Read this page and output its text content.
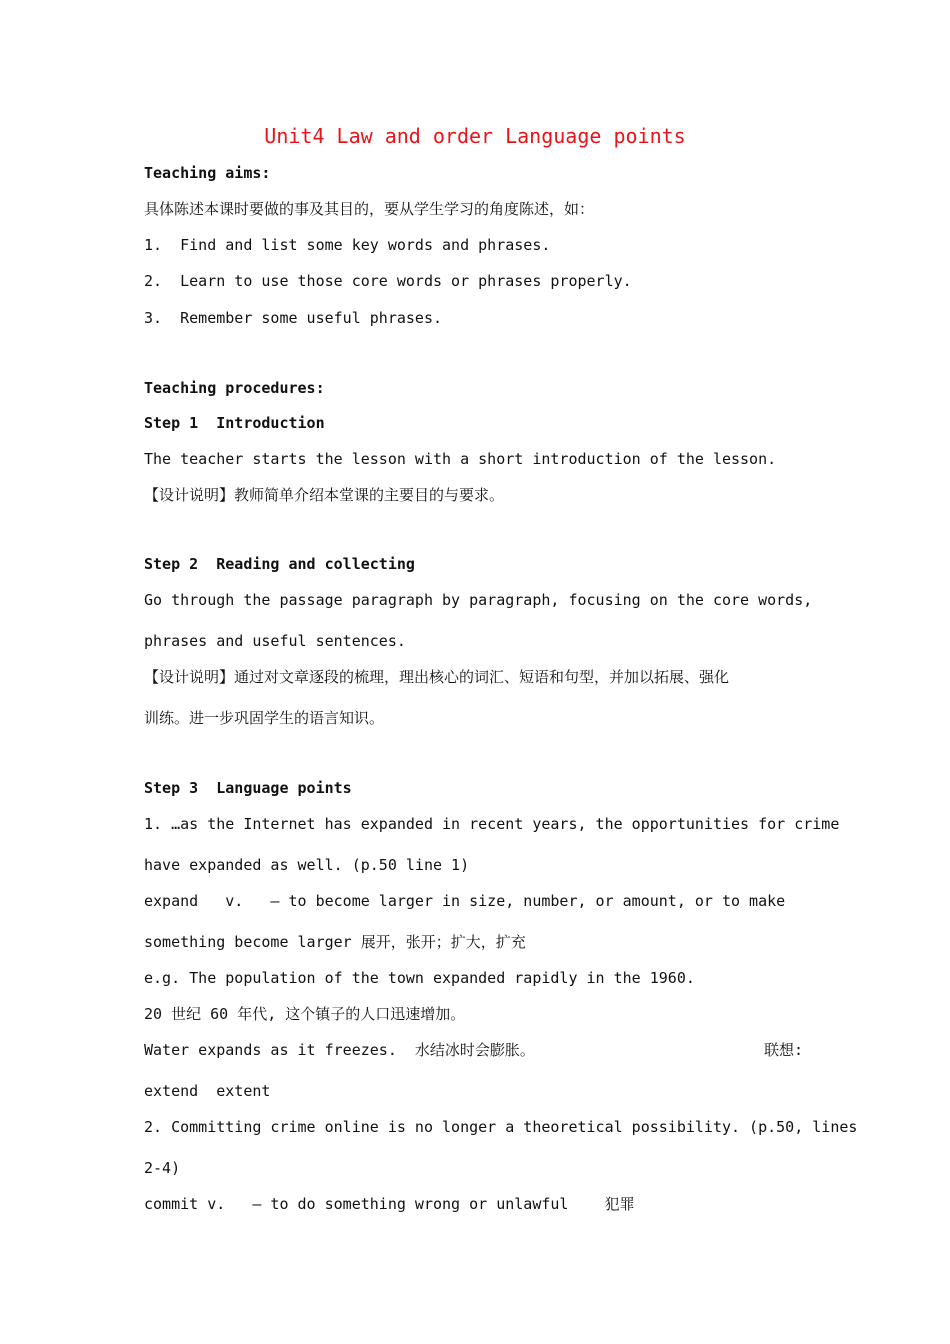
Unit4 Law and order Language points
Teaching aims:
具体陈述本课时要做的事及其目的，要从学生学习的角度陈述，如：
1.  Find and list some key words and phrases.
2.  Learn to use those core words or phrases properly.
3.  Remember some useful phrases.
Teaching procedures:
Step 1  Introduction
The teacher starts the lesson with a short introduction of the lesson.
【设计说明】教师简单介绍本堂课的主要目的与要求。
Step 2  Reading and collecting
Go through the passage paragraph by paragraph, focusing on the core words,
phrases and useful sentences.
【设计说明】通过对文章逐段的梳理，理出核心的词汇、短语和句型，并加以拓展、强化
训练。进一步巩固学生的语言知识。
Step 3  Language points
1. …as the Internet has expanded in recent years, the opportunities for crime
have expanded as well. (p.50 line 1)
expand   v.   — to become larger in size, number, or amount, or to make
something become larger 展开，张开；扩大，扩充
e.g. The population of the town expanded rapidly in the 1960.
20 世纪 60 年代, 这个镇子的人口迅速增加。
Water expands as it freezes.  水结冰时会膨胀。	联想:
extend  extent
2. Committing crime online is no longer a theoretical possibility. (p.50, lines
2-4)
commit v.   — to do something wrong or unlawful    犯罪
